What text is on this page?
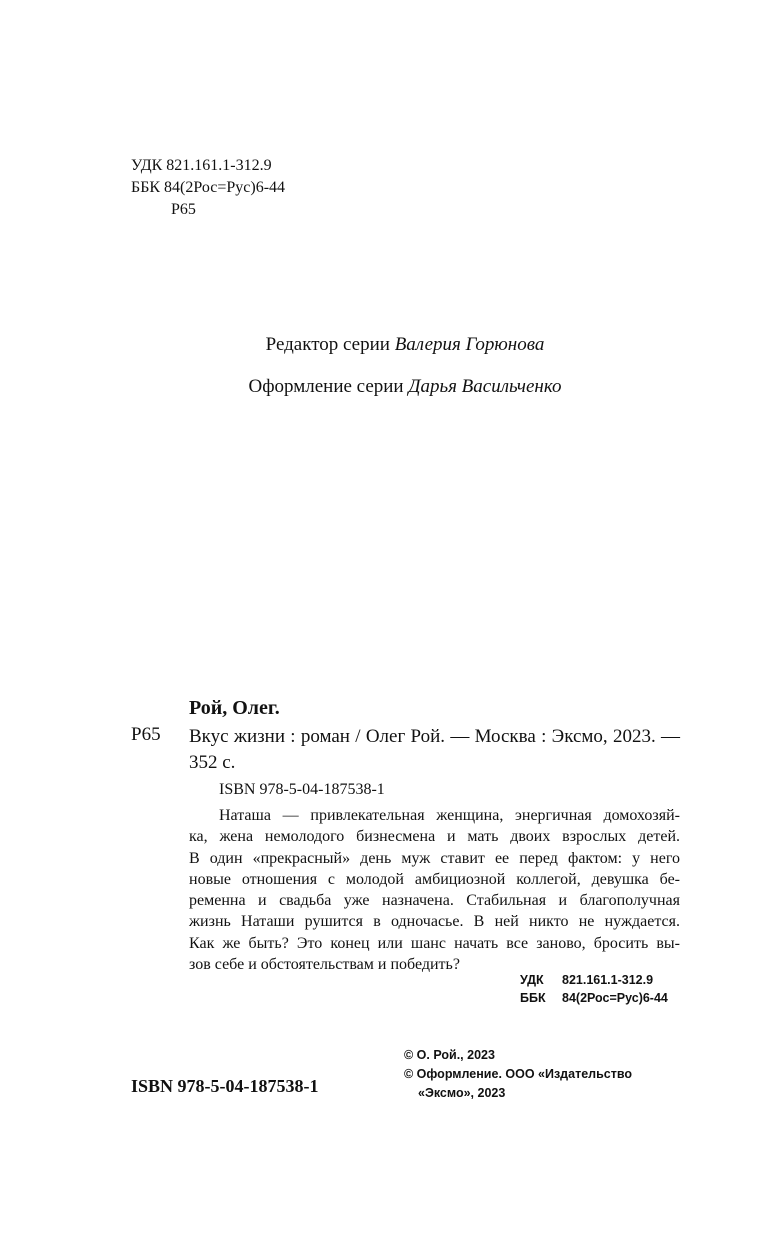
УДК 821.161.1-312.9
ББК 84(2Рос=Рус)6-44
Р65
Редактор серии Валерия Горюнова
Оформление серии Дарья Васильченко
Рой, Олег.
Р65 Вкус жизни : роман / Олег Рой. — Москва : Эксмо, 2023. — 352 с.
ISBN 978-5-04-187538-1
Наташа — привлекательная женщина, энергичная домохозяй-
ка, жена немолодого бизнесмена и мать двоих взрослых детей.
В один «прекрасный» день муж ставит ее перед фактом: у него
новые отношения с молодой амбициозной коллегой, девушка бе-
ременна и свадьба уже назначена. Стабильная и благополучная
жизнь Наташи рушится в одночасье. В ней никто не нуждается.
Как же быть? Это конец или шанс начать все заново, бросить вы-
зов себе и обстоятельствам и победить?
УДК 821.161.1-312.9
ББК 84(2Рос=Рус)6-44
ISBN 978-5-04-187538-1
© О. Рой., 2023
© Оформление. ООО «Издательство
«Эксмо», 2023
